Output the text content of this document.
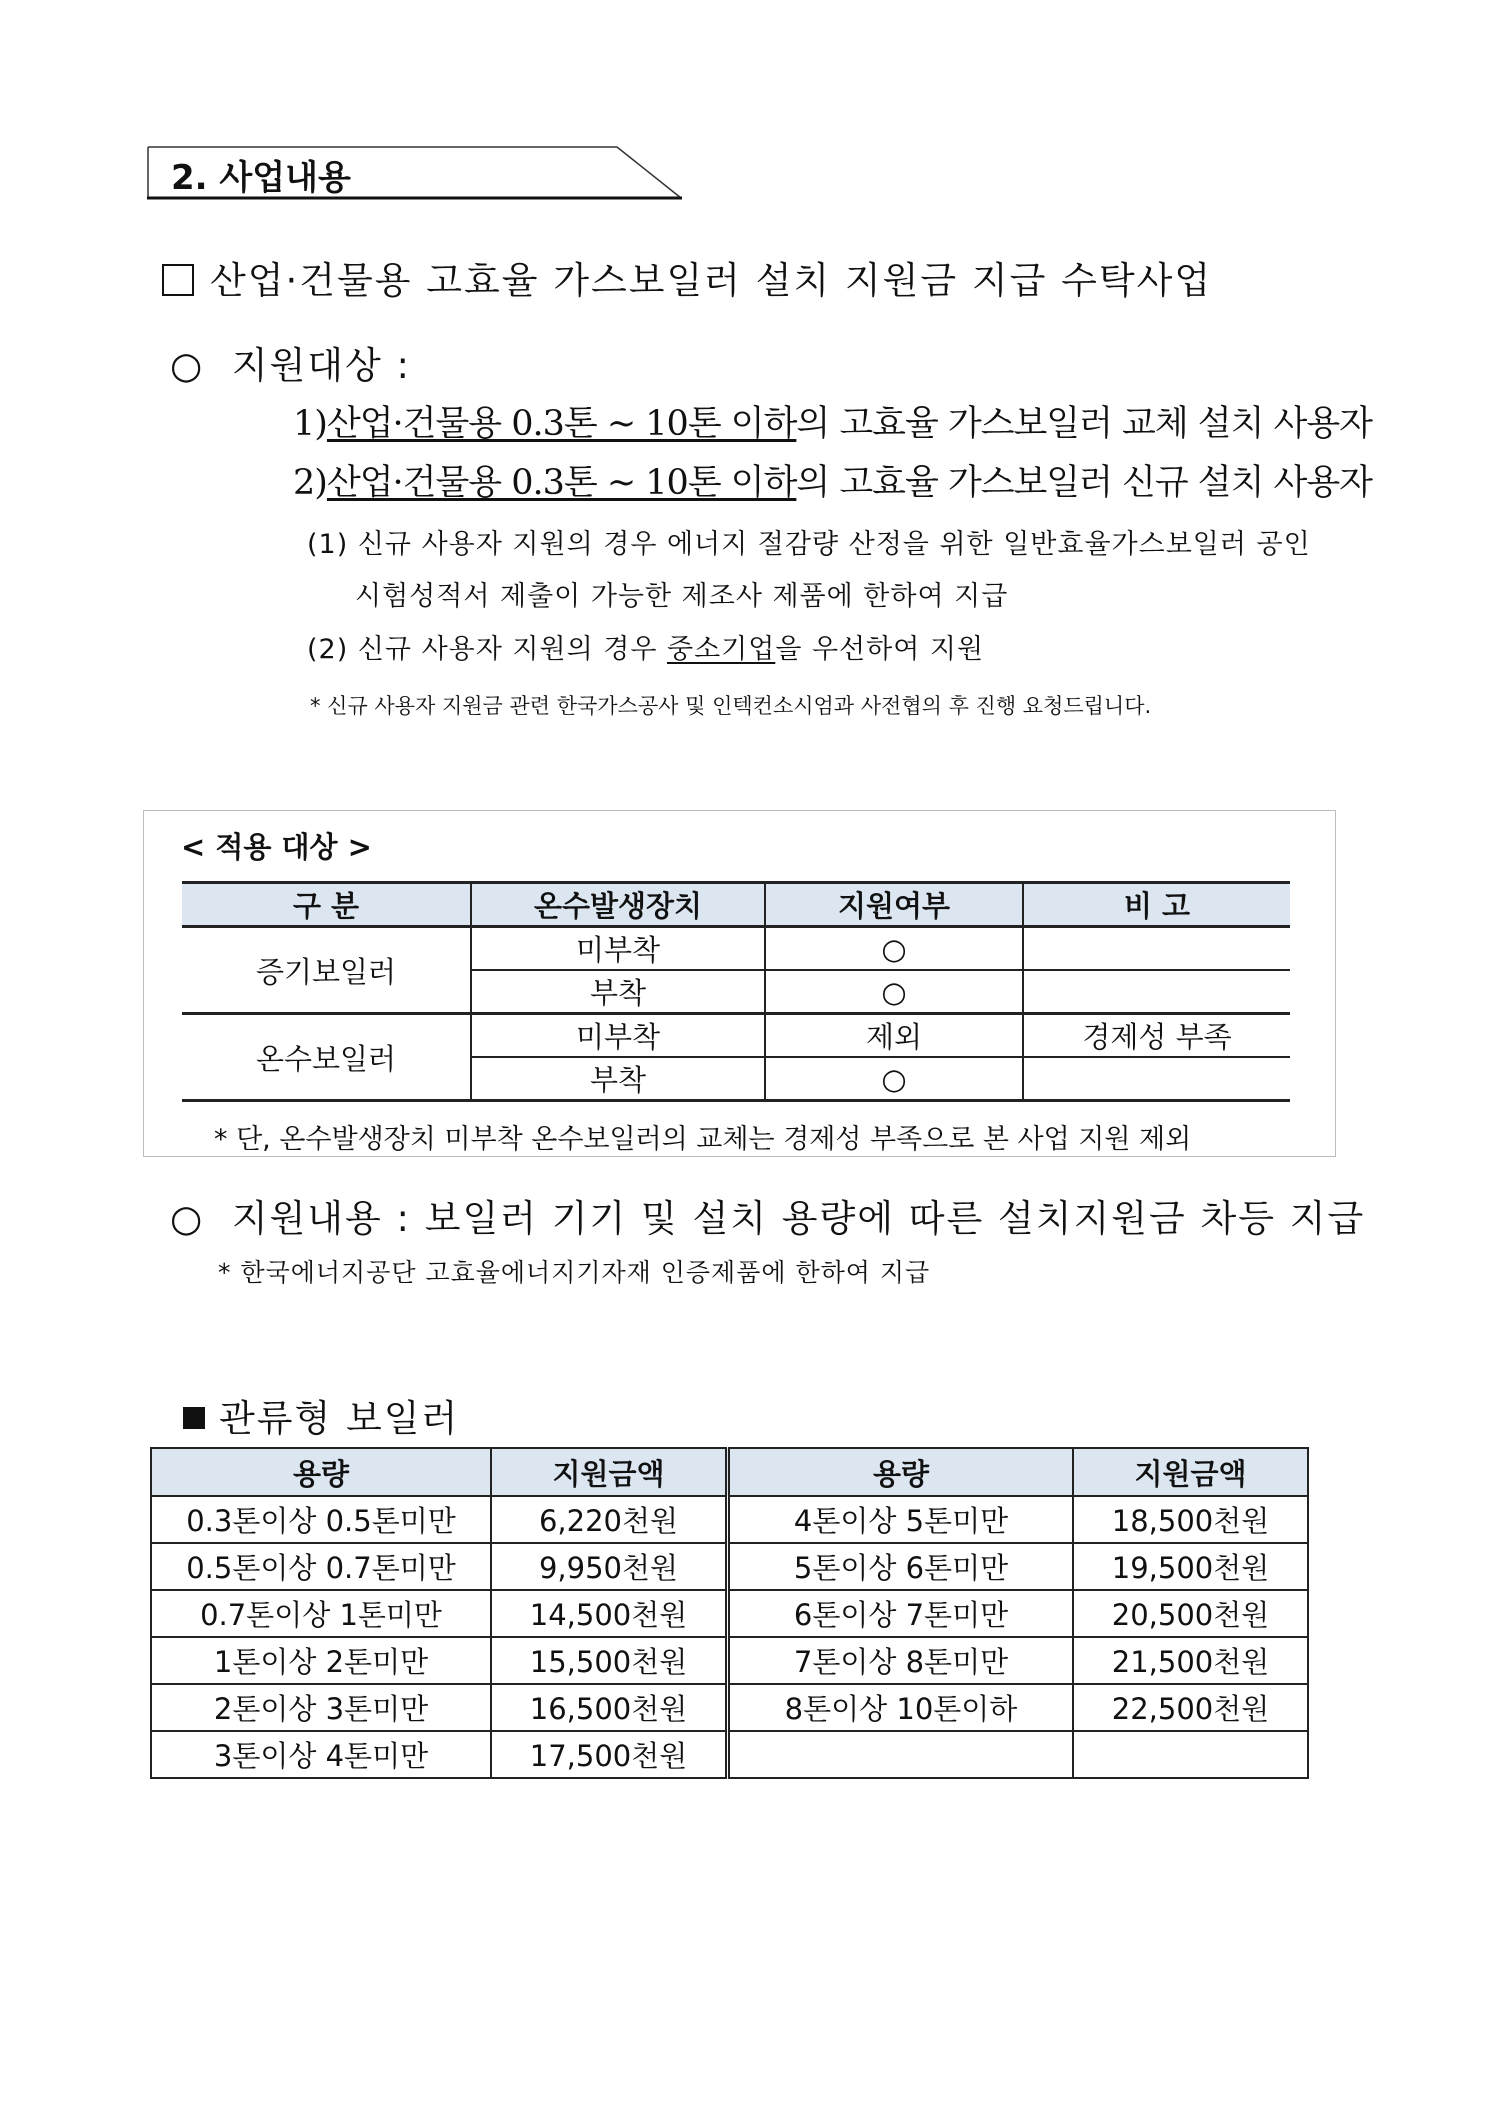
2. 사업내용
산업·건물용 고효율 가스보일러 설치 지원금 지급 수탁사업
○ 지원대상 :
1)산업·건물용 0.3톤 ~ 10톤 이하의 고효율 가스보일러 교체 설치 사용자
2)산업·건물용 0.3톤 ~ 10톤 이하의 고효율 가스보일러 신규 설치 사용자
(1) 신규 사용자 지원의 경우 에너지 절감량 산정을 위한 일반효율가스보일러 공인
시험성적서 제출이 가능한 제조사 제품에 한하여 지급
(2) 신규 사용자 지원의 경우 중소기업을 우선하여 지원
* 신규 사용자 지원금 관련 한국가스공사 및 인텍컨소시엄과 사전협의 후 진행 요청드립니다.
< 적용 대상 >
구 분	온수발생장치	지원여부	비 고
증기보일러	미부착	○	
	부착	○	
온수보일러	미부착	제외	경제성 부족
	부착	○	
* 단, 온수발생장치 미부착 온수보일러의 교체는 경제성 부족으로 본 사업 지원 제외
○ 지원내용 : 보일러 기기 및 설치 용량에 따른 설치지원금 차등 지급
* 한국에너지공단 고효율에너지기자재 인증제품에 한하여 지급
관류형 보일러
용량	지원금액	용량	지원금액
0.3톤이상 0.5톤미만	6,220천원	4톤이상 5톤미만	18,500천원
0.5톤이상 0.7톤미만	9,950천원	5톤이상 6톤미만	19,500천원
0.7톤이상 1톤미만	14,500천원	6톤이상 7톤미만	20,500천원
1톤이상 2톤미만	15,500천원	7톤이상 8톤미만	21,500천원
2톤이상 3톤미만	16,500천원	8톤이상 10톤이하	22,500천원
3톤이상 4톤미만	17,500천원		
